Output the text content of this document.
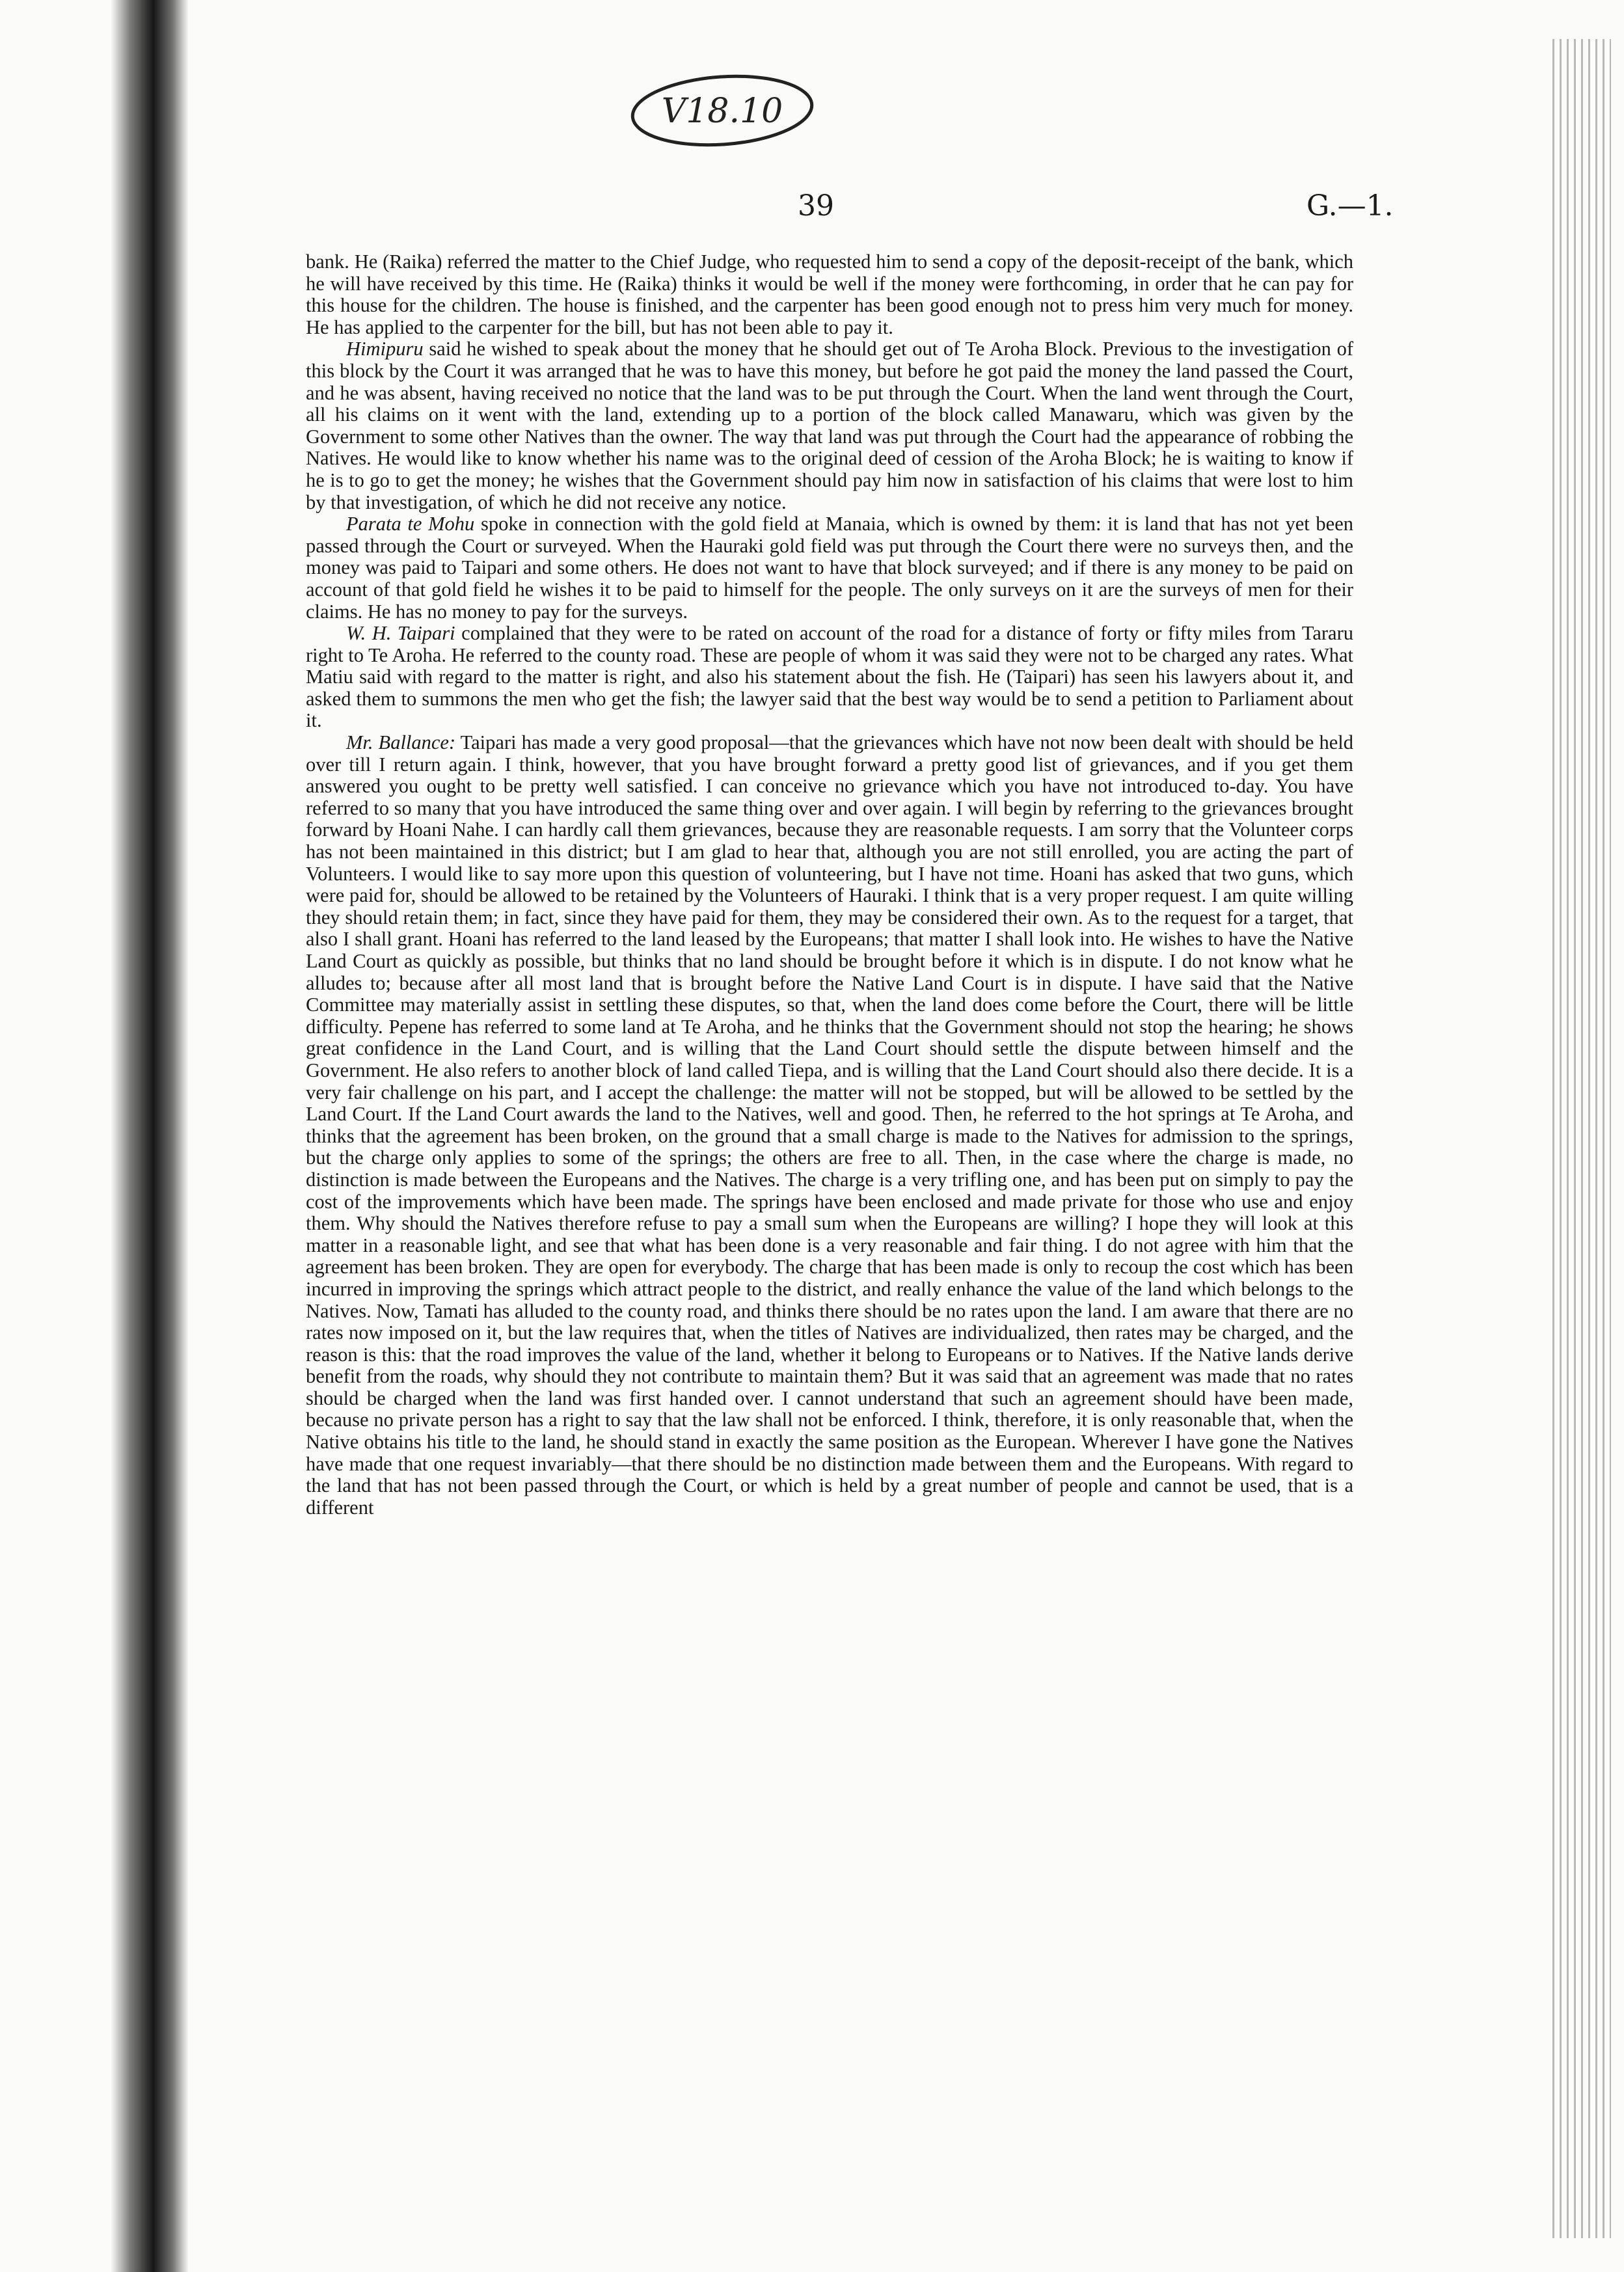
V18.10
39	G.—1.

bank. He (Raika) referred the matter to the Chief Judge, who requested him to send a copy of the deposit-receipt of the bank, which he will have received by this time. He (Raika) thinks it would be well if the money were forthcoming, in order that he can pay for this house for the children. The house is finished, and the carpenter has been good enough not to press him very much for money. He has applied to the carpenter for the bill, but has not been able to pay it.

Himipuru said he wished to speak about the money that he should get out of Te Aroha Block. Previous to the investigation of this block by the Court it was arranged that he was to have this money, but before he got paid the money the land passed the Court, and he was absent, having received no notice that the land was to be put through the Court. When the land went through the Court, all his claims on it went with the land, extending up to a portion of the block called Manawaru, which was given by the Government to some other Natives than the owner. The way that land was put through the Court had the appearance of robbing the Natives. He would like to know whether his name was to the original deed of cession of the Aroha Block; he is waiting to know if he is to go to get the money; he wishes that the Government should pay him now in satisfaction of his claims that were lost to him by that investigation, of which he did not receive any notice.

Parata te Mohu spoke in connection with the gold field at Manaia, which is owned by them: it is land that has not yet been passed through the Court or surveyed. When the Hauraki gold field was put through the Court there were no surveys then, and the money was paid to Taipari and some others. He does not want to have that block surveyed; and if there is any money to be paid on account of that gold field he wishes it to be paid to himself for the people. The only surveys on it are the surveys of men for their claims. He has no money to pay for the surveys.

W. H. Taipari complained that they were to be rated on account of the road for a distance of forty or fifty miles from Tararu right to Te Aroha. He referred to the county road. These are people of whom it was said they were not to be charged any rates. What Matiu said with regard to the matter is right, and also his statement about the fish. He (Taipari) has seen his lawyers about it, and asked them to summons the men who get the fish; the lawyer said that the best way would be to send a petition to Parliament about it.

Mr. Ballance: Taipari has made a very good proposal—that the grievances which have not now been dealt with should be held over till I return again. I think, however, that you have brought forward a pretty good list of grievances, and if you get them answered you ought to be pretty well satisfied. I can conceive no grievance which you have not introduced to-day. You have referred to so many that you have introduced the same thing over and over again. I will begin by referring to the grievances brought forward by Hoani Nahe. I can hardly call them grievances, because they are reasonable requests. I am sorry that the Volunteer corps has not been maintained in this district; but I am glad to hear that, although you are not still enrolled, you are acting the part of Volunteers. I would like to say more upon this question of volunteering, but I have not time. Hoani has asked that two guns, which were paid for, should be allowed to be retained by the Volunteers of Hauraki. I think that is a very proper request. I am quite willing they should retain them; in fact, since they have paid for them, they may be considered their own. As to the request for a target, that also I shall grant. Hoani has referred to the land leased by the Europeans; that matter I shall look into. He wishes to have the Native Land Court as quickly as possible, but thinks that no land should be brought before it which is in dispute. I do not know what he alludes to; because after all most land that is brought before the Native Land Court is in dispute. I have said that the Native Committee may materially assist in settling these disputes, so that, when the land does come before the Court, there will be little difficulty. Pepene has referred to some land at Te Aroha, and he thinks that the Government should not stop the hearing; he shows great confidence in the Land Court, and is willing that the Land Court should settle the dispute between himself and the Government. He also refers to another block of land called Tiepa, and is willing that the Land Court should also there decide. It is a very fair challenge on his part, and I accept the challenge: the matter will not be stopped, but will be allowed to be settled by the Land Court. If the Land Court awards the land to the Natives, well and good. Then, he referred to the hot springs at Te Aroha, and thinks that the agreement has been broken, on the ground that a small charge is made to the Natives for admission to the springs, but the charge only applies to some of the springs; the others are free to all. Then, in the case where the charge is made, no distinction is made between the Europeans and the Natives. The charge is a very trifling one, and has been put on simply to pay the cost of the improvements which have been made. The springs have been enclosed and made private for those who use and enjoy them. Why should the Natives therefore refuse to pay a small sum when the Europeans are willing? I hope they will look at this matter in a reasonable light, and see that what has been done is a very reasonable and fair thing. I do not agree with him that the agreement has been broken. They are open for everybody. The charge that has been made is only to recoup the cost which has been incurred in improving the springs which attract people to the district, and really enhance the value of the land which belongs to the Natives. Now, Tamati has alluded to the county road, and thinks there should be no rates upon the land. I am aware that there are no rates now imposed on it, but the law requires that, when the titles of Natives are individualized, then rates may be charged, and the reason is this: that the road improves the value of the land, whether it belong to Europeans or to Natives. If the Native lands derive benefit from the roads, why should they not contribute to maintain them? But it was said that an agreement was made that no rates should be charged when the land was first handed over. I cannot understand that such an agreement should have been made, because no private person has a right to say that the law shall not be enforced. I think, therefore, it is only reasonable that, when the Native obtains his title to the land, he should stand in exactly the same position as the European. Wherever I have gone the Natives have made that one request invariably—that there should be no distinction made between them and the Europeans. With regard to the land that has not been passed through the Court, or which is held by a great number of people and cannot be used, that is a different
